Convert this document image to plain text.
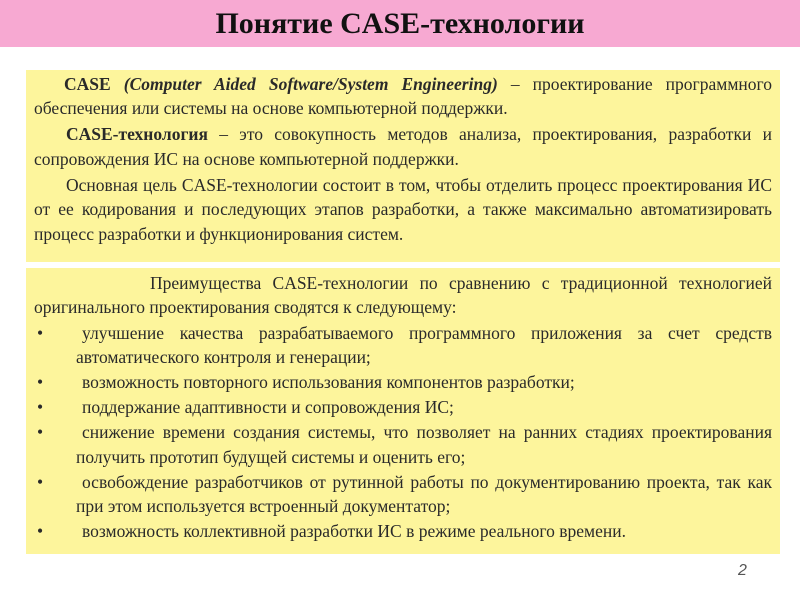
Понятие CASE-технологии

CASE (Computer Aided Software/System Engineering) – проектирование программного обеспечения или системы на основе компьютерной поддержки.

CASE-технология – это совокупность методов анализа, проектирования, разработки и сопровождения ИС на основе компьютерной поддержки.

Основная цель CASE-технологии состоит в том, чтобы отделить процесс проектирования ИС от ее кодирования и последующих этапов разработки, а также максимально автоматизировать процесс разработки и функционирования систем.

Преимущества CASE-технологии по сравнению с традиционной технологией оригинального проектирования сводятся к следующему:

•	улучшение качества разрабатываемого программного приложения за счет средств автоматического контроля и генерации;
•	возможность повторного использования компонентов разработки;
•	поддержание адаптивности и сопровождения ИС;
•	снижение времени создания системы, что позволяет на ранних стадиях проектирования получить прототип будущей системы и оценить его;
•	освобождение разработчиков от рутинной работы по документированию проекта, так как при этом используется встроенный документатор;
•	возможность коллективной разработки ИС в режиме реального времени.
2
